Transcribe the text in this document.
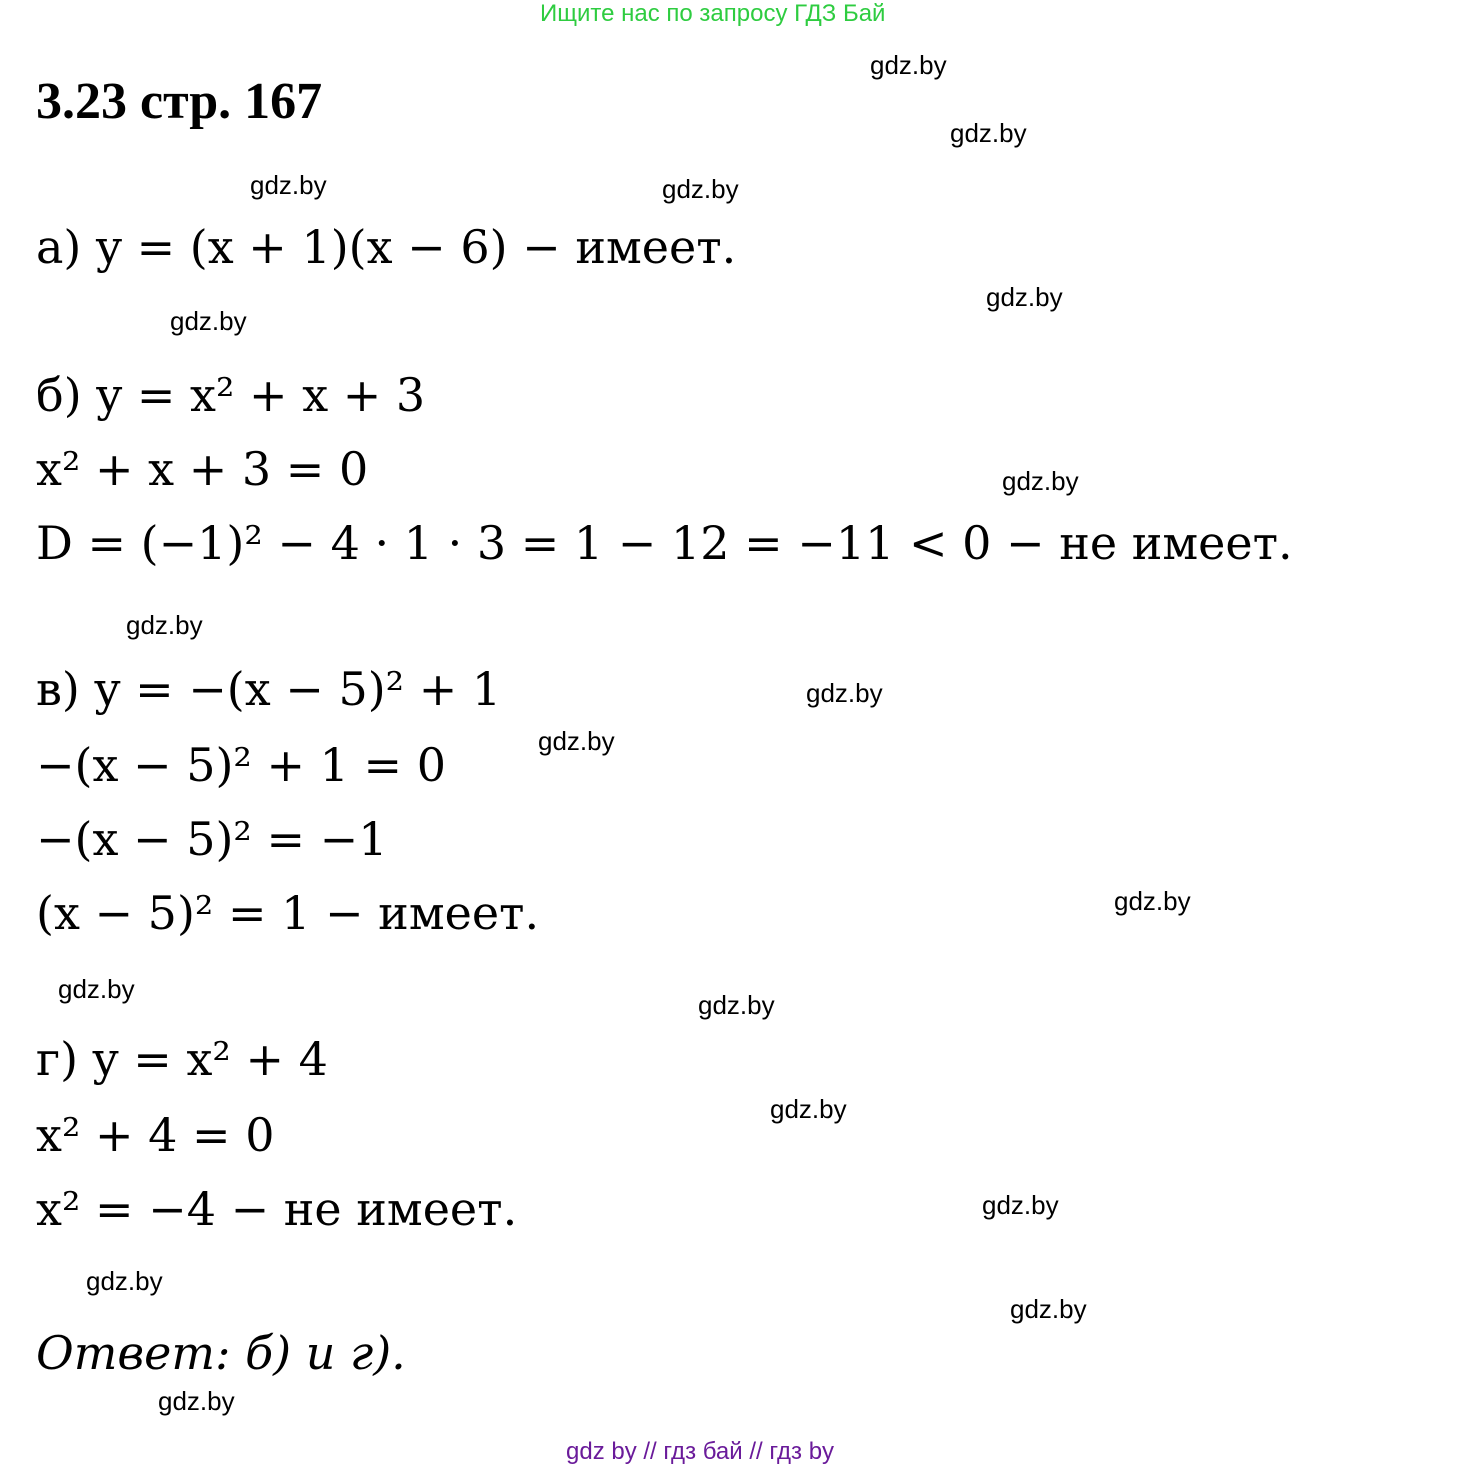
Ищите нас по запросу ГДЗ Бай
3.23 стр. 167
gdz.by
gdz.by
gdz.by	gdz.by
gdz.by
gdz.by
gdz.by
gdz.by
gdz.by
gdz.by
gdz.by
gdz.by
gdz.by
gdz.by
gdz.by
gdz.by
gdz.by
gdz.by
а) y = (x + 1)(x − 6) − имеет.
б) y = x² + x + 3
x² + x + 3 = 0
D = (−1)² − 4 · 1 · 3 = 1 − 12 = −11 < 0 − не имеет.
в) y = −(x − 5)² + 1
−(x − 5)² + 1 = 0
−(x − 5)² = −1
(x − 5)² = 1 − имеет.
г) y = x² + 4
x² + 4 = 0
x² = −4 − не имеет.
Ответ: б) и г).
gdz by // гдз бай // гдз by
